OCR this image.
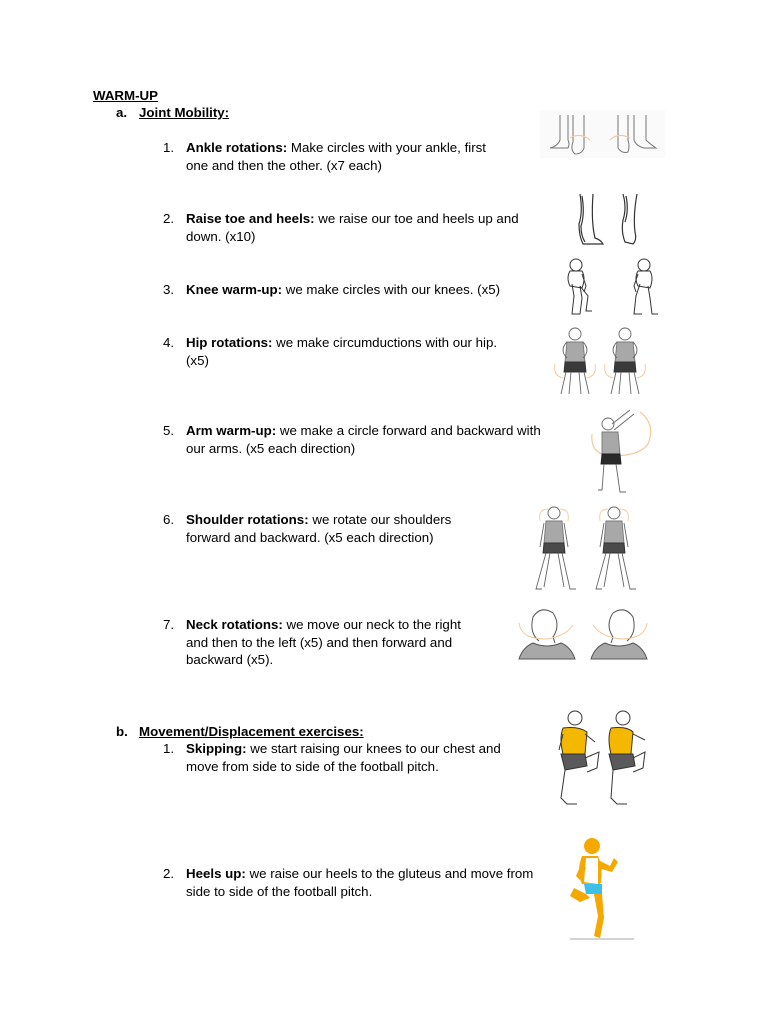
WARM-UP
a. Joint Mobility:
1. Ankle rotations: Make circles with your ankle, first
one and then the other. (x7 each)
2. Raise toe and heels: we raise our toe and heels up and
down. (x10)
3. Knee warm-up: we make circles with our knees. (x5)
4. Hip rotations: we make circumductions with our hip.
(x5)
5. Arm warm-up: we make a circle forward and backward with
our arms. (x5 each direction)
6. Shoulder rotations: we rotate our shoulders
forward and backward. (x5 each direction)
7. Neck rotations: we move our neck to the right
and then to the left (x5) and then forward and
backward (x5).
b. Movement/Displacement exercises:
1. Skipping: we start raising our knees to our chest and
move from side to side of the football pitch.
2. Heels up: we raise our heels to the gluteus and move from
side to side of the football pitch.
